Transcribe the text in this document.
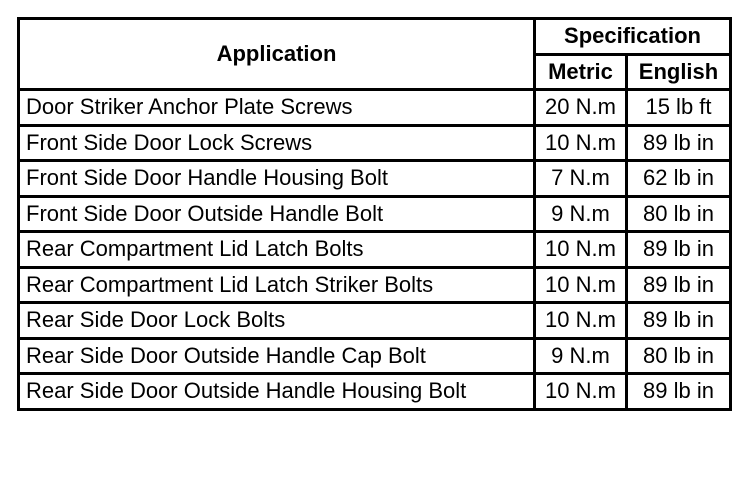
Application	Specification	
	Metric	English
Door Striker Anchor Plate Screws	20 N.m	15 lb ft
Front Side Door Lock Screws	10 N.m	89 lb in
Front Side Door Handle Housing Bolt	7 N.m	62 lb in
Front Side Door Outside Handle Bolt	9 N.m	80 lb in
Rear Compartment Lid Latch Bolts	10 N.m	89 lb in
Rear Compartment Lid Latch Striker Bolts	10 N.m	89 lb in
Rear Side Door Lock Bolts	10 N.m	89 lb in
Rear Side Door Outside Handle Cap Bolt	9 N.m	80 lb in
Rear Side Door Outside Handle Housing Bolt	10 N.m	89 lb in
